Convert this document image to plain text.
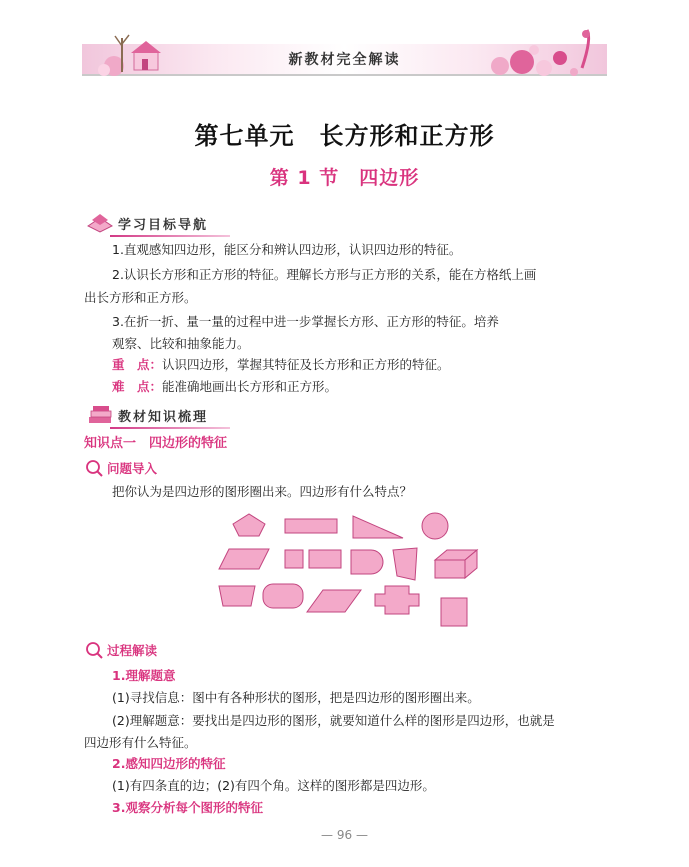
新教材完全解读
第七单元　长方形和正方形
第 1 节　四边形
学习目标导航
1.直观感知四边形，能区分和辨认四边形，认识四边形的特征。
2.认识长方形和正方形的特征。理解长方形与正方形的关系，能在方格纸上画
出长方形和正方形。
3.在折一折、量一量的过程中进一步掌握长方形、正方形的特征。培养
观察、比较和抽象能力。
重　点：认识四边形，掌握其特征及长方形和正方形的特征。
难　点：能准确地画出长方形和正方形。
教材知识梳理
知识点一　四边形的特征
问题导入
把你认为是四边形的图形圈出来。四边形有什么特点？
过程解读
1.理解题意
(1)寻找信息：图中有各种形状的图形，把是四边形的图形圈出来。
(2)理解题意：要找出是四边形的图形，就要知道什么样的图形是四边形，也就是
四边形有什么特征。
2.感知四边形的特征
(1)有四条直的边；(2)有四个角。这样的图形都是四边形。
3.观察分析每个图形的特征
— 96 —
